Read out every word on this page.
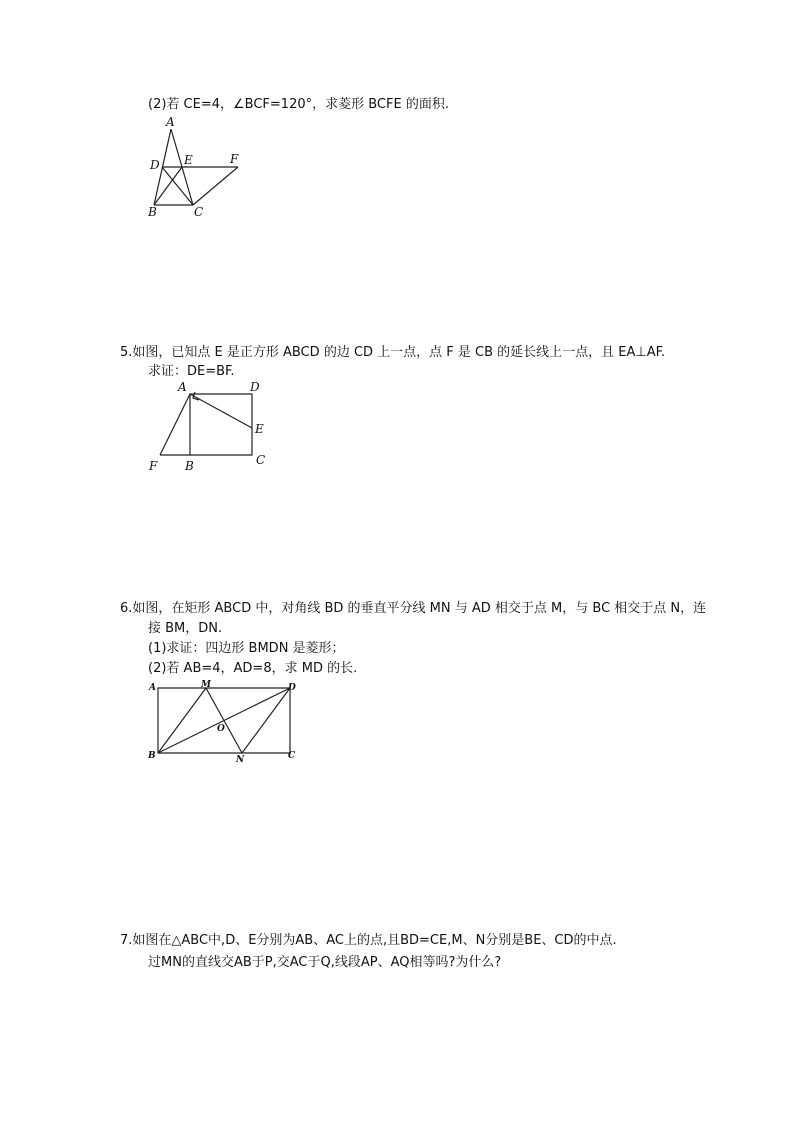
(2)若 CE=4，∠BCF=120°，求菱形 BCFE 的面积.
A
D E	F
B	C
5.如图，已知点 E 是正方形 ABCD 的边 CD 上一点，点 F 是 CB 的延长线上一点，且 EA⊥AF.
求证：DE=BF.
A	D
E
F B	C
6.如图，在矩形 ABCD 中，对角线 BD 的垂直平分线 MN 与 AD 相交于点 M，与 BC 相交于点 N，连
接 BM，DN.
(1)求证：四边形 BMDN 是菱形；
(2)若 AB=4，AD=8，求 MD 的长.
A	M	D
O
B	N	C
7.如图在△ABC中,D、E分别为AB、AC上的点,且BD=CE,M、N分别是BE、CD的中点.
过MN的直线交AB于P,交AC于Q,线段AP、AQ相等吗?为什么?
